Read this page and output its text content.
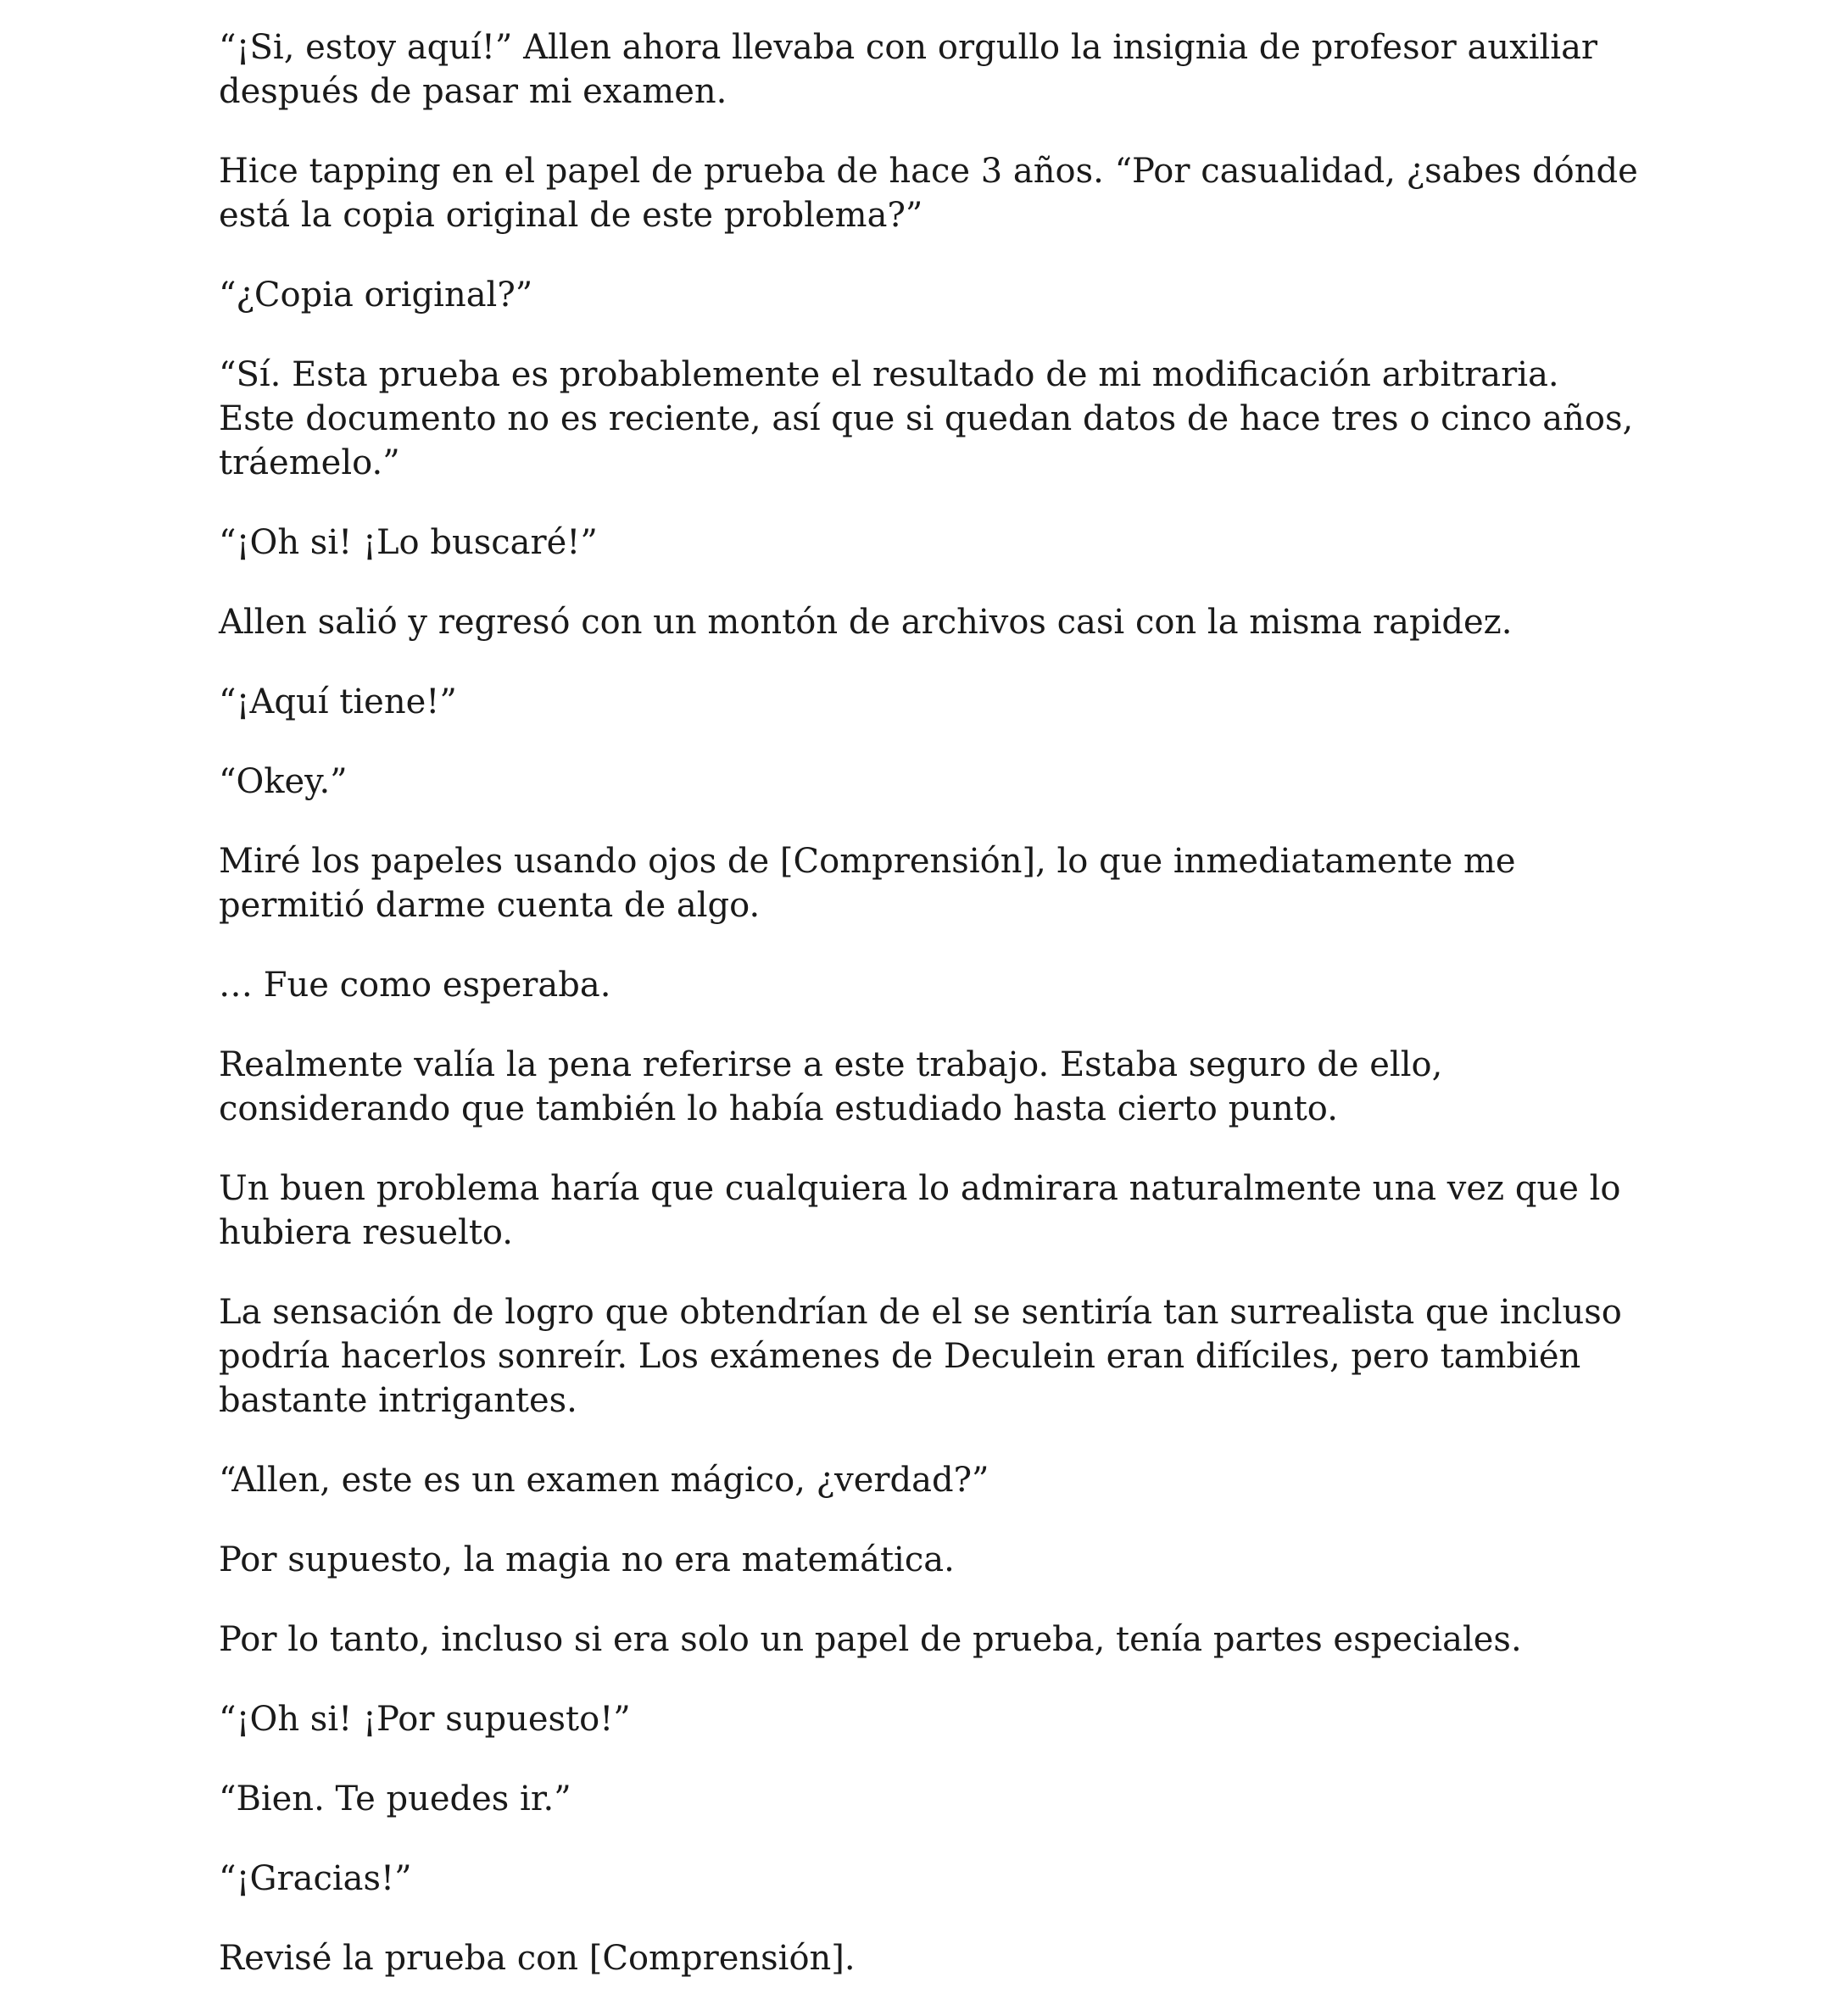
“¡Si, estoy aquí!” Allen ahora llevaba con orgullo la insignia de profesor auxiliar después de pasar mi examen.

Hice tapping en el papel de prueba de hace 3 años. “Por casualidad, ¿sabes dónde está la copia original de este problema?”

“¿Copia original?”

“Sí. Esta prueba es probablemente el resultado de mi modificación arbitraria. Este documento no es reciente, así que si quedan datos de hace tres o cinco años, tráemelo.”

“¡Oh si! ¡Lo buscaré!”

Allen salió y regresó con un montón de archivos casi con la misma rapidez.

“¡Aquí tiene!”

“Okey.”

Miré los papeles usando ojos de [Comprensión], lo que inmediatamente me permitió darme cuenta de algo.

… Fue como esperaba.

Realmente valía la pena referirse a este trabajo. Estaba seguro de ello, considerando que también lo había estudiado hasta cierto punto.

Un buen problema haría que cualquiera lo admirara naturalmente una vez que lo hubiera resuelto.

La sensación de logro que obtendrían de el se sentiría tan surrealista que incluso podría hacerlos sonreír. Los exámenes de Deculein eran difíciles, pero también bastante intrigantes.

“Allen, este es un examen mágico, ¿verdad?”

Por supuesto, la magia no era matemática.

Por lo tanto, incluso si era solo un papel de prueba, tenía partes especiales.

“¡Oh si! ¡Por supuesto!”

“Bien. Te puedes ir.”

“¡Gracias!”

Revisé la prueba con [Comprensión].
